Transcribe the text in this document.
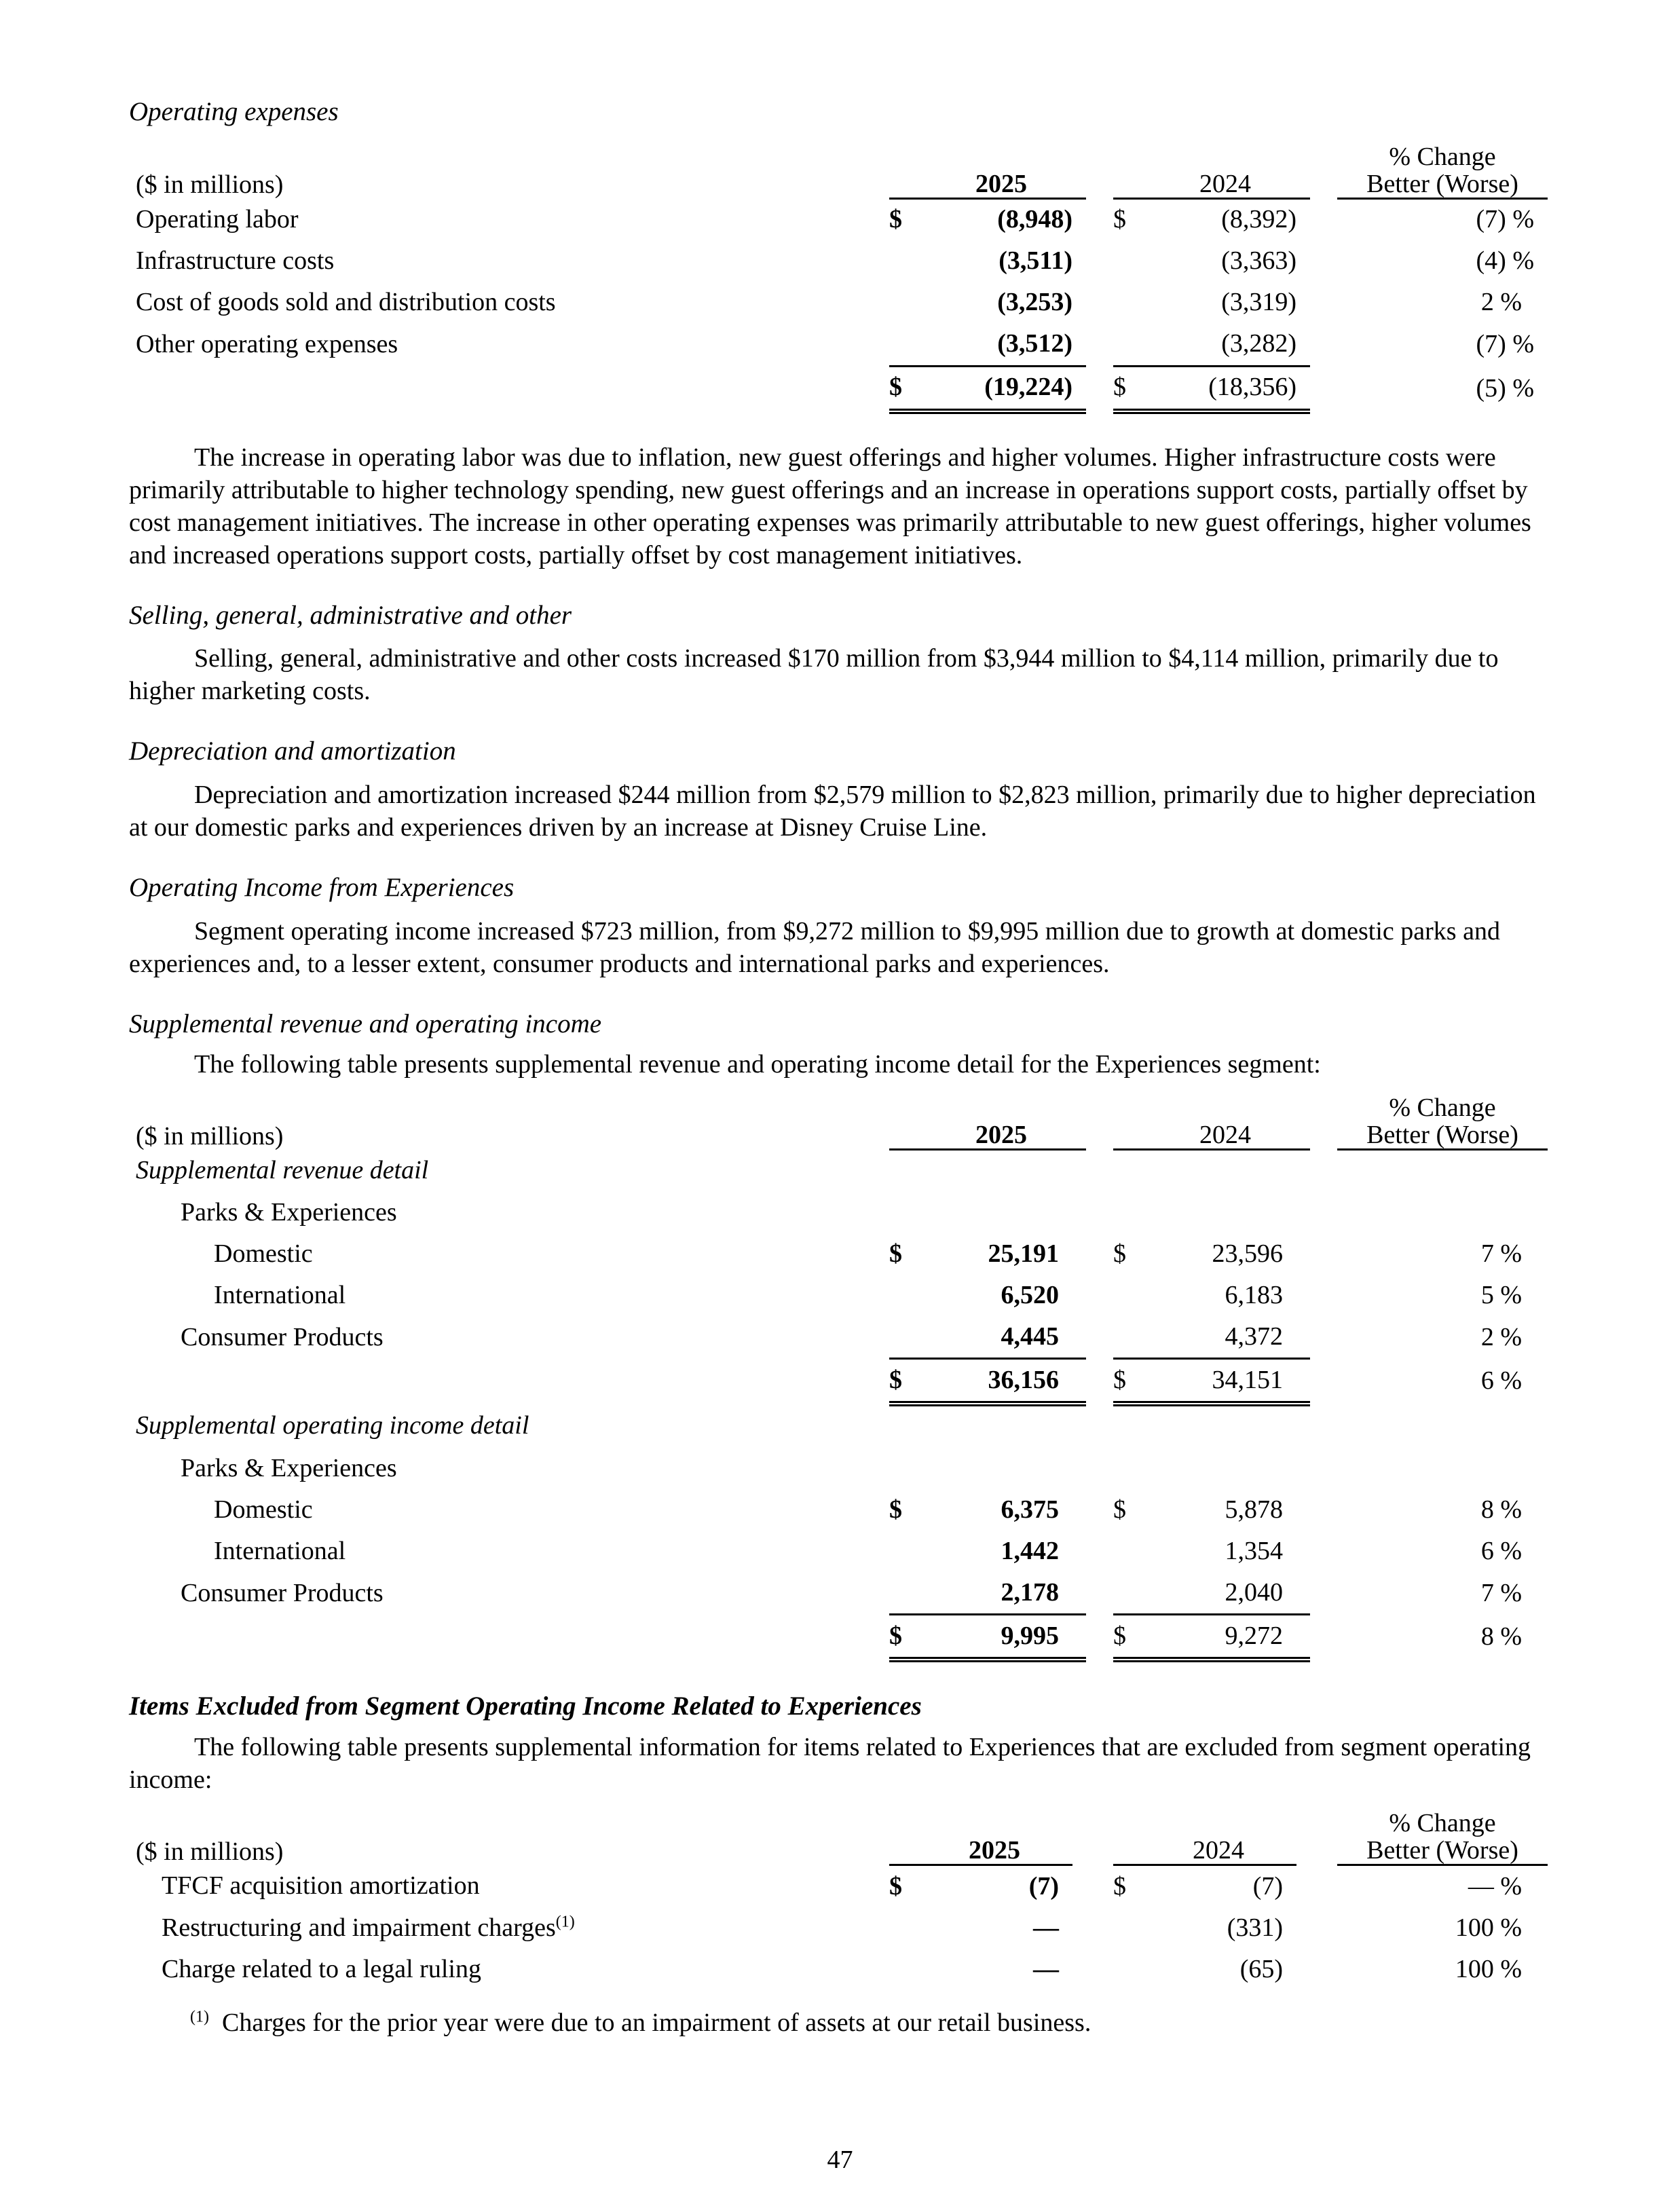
Operating expenses

($ in millions)		2025			2024		% Change
Better (Worse)
Operating labor	$	(8,948)		$	(8,392)		(7) %
Infrastructure costs		(3,511)			(3,363)		(4) %
Cost of goods sold and distribution costs		(3,253)			(3,319)		2 %
Other operating expenses		(3,512)			(3,282)		(7) %
	$	(19,224)		$	(18,356)		(5) %

The increase in operating labor was due to inflation, new guest offerings and higher volumes. Higher infrastructure costs were primarily attributable to higher technology spending, new guest offerings and an increase in operations support costs, partially offset by cost management initiatives. The increase in other operating expenses was primarily attributable to new guest offerings, higher volumes and increased operations support costs, partially offset by cost management initiatives.

Selling, general, administrative and other

Selling, general, administrative and other costs increased $170 million from $3,944 million to $4,114 million, primarily due to higher marketing costs.

Depreciation and amortization

Depreciation and amortization increased $244 million from $2,579 million to $2,823 million, primarily due to higher depreciation at our domestic parks and experiences driven by an increase at Disney Cruise Line.

Operating Income from Experiences

Segment operating income increased $723 million, from $9,272 million to $9,995 million due to growth at domestic parks and experiences and, to a lesser extent, consumer products and international parks and experiences.

Supplemental revenue and operating income

The following table presents supplemental revenue and operating income detail for the Experiences segment:

($ in millions)		2025			2024		% Change
Better (Worse)
Supplemental revenue detail							
Parks & Experiences							
Domestic	$	25,191		$	23,596		7 %
International		6,520			6,183		5 %
Consumer Products		4,445			4,372		2 %
	$	36,156		$	34,151		6 %
Supplemental operating income detail							
Parks & Experiences							
Domestic	$	6,375		$	5,878		8 %
International		1,442			1,354		6 %
Consumer Products		2,178			2,040		7 %
	$	9,995		$	9,272		8 %

Items Excluded from Segment Operating Income Related to Experiences

The following table presents supplemental information for items related to Experiences that are excluded from segment operating income:

($ in millions)		2025			2024		% Change
Better (Worse)
TFCF acquisition amortization	$	(7)		$	(7)		— %
Restructuring and impairment charges$^{(1)}$		—			(331)		100 %
Charge related to a legal ruling		—			(65)		100 %

$^{(1)}$ Charges for the prior year were due to an impairment of assets at our retail business.

47
